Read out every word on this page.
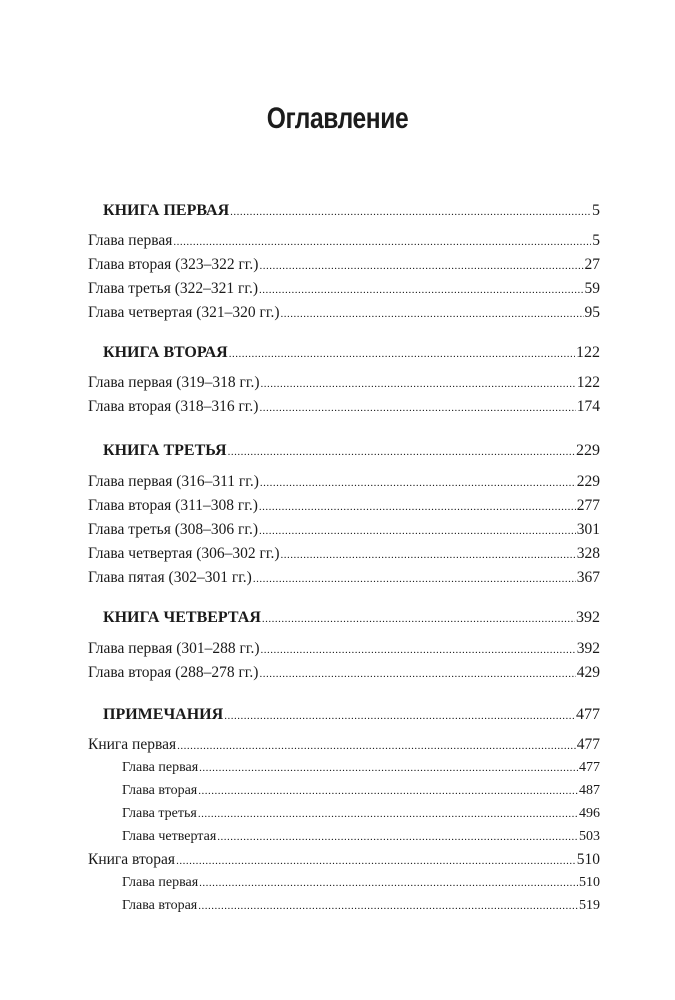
Оглавление
КНИГА ПЕРВАЯ .....	5
Глава первая .....	5
Глава вторая (323–322 гг.) .....	27
Глава третья (322–321 гг.) .....	59
Глава четвертая (321–320 гг.) .....	95
КНИГА ВТОРАЯ .....	122
Глава первая (319–318 гг.) .....	122
Глава вторая (318–316 гг.) .....	174
КНИГА ТРЕТЬЯ .....	229
Глава первая (316–311 гг.) .....	229
Глава вторая (311–308 гг.) .....	277
Глава третья (308–306 гг.) .....	301
Глава четвертая (306–302 гг.) .....	328
Глава пятая (302–301 гг.) .....	367
КНИГА ЧЕТВЕРТАЯ .....	392
Глава первая (301–288 гг.) .....	392
Глава вторая (288–278 гг.) .....	429
ПРИМЕЧАНИЯ .....	477
Книга первая .....	477
Глава первая .....	477
Глава вторая .....	487
Глава третья .....	496
Глава четвертая .....	503
Книга вторая .....	510
Глава первая .....	510
Глава вторая .....	519
